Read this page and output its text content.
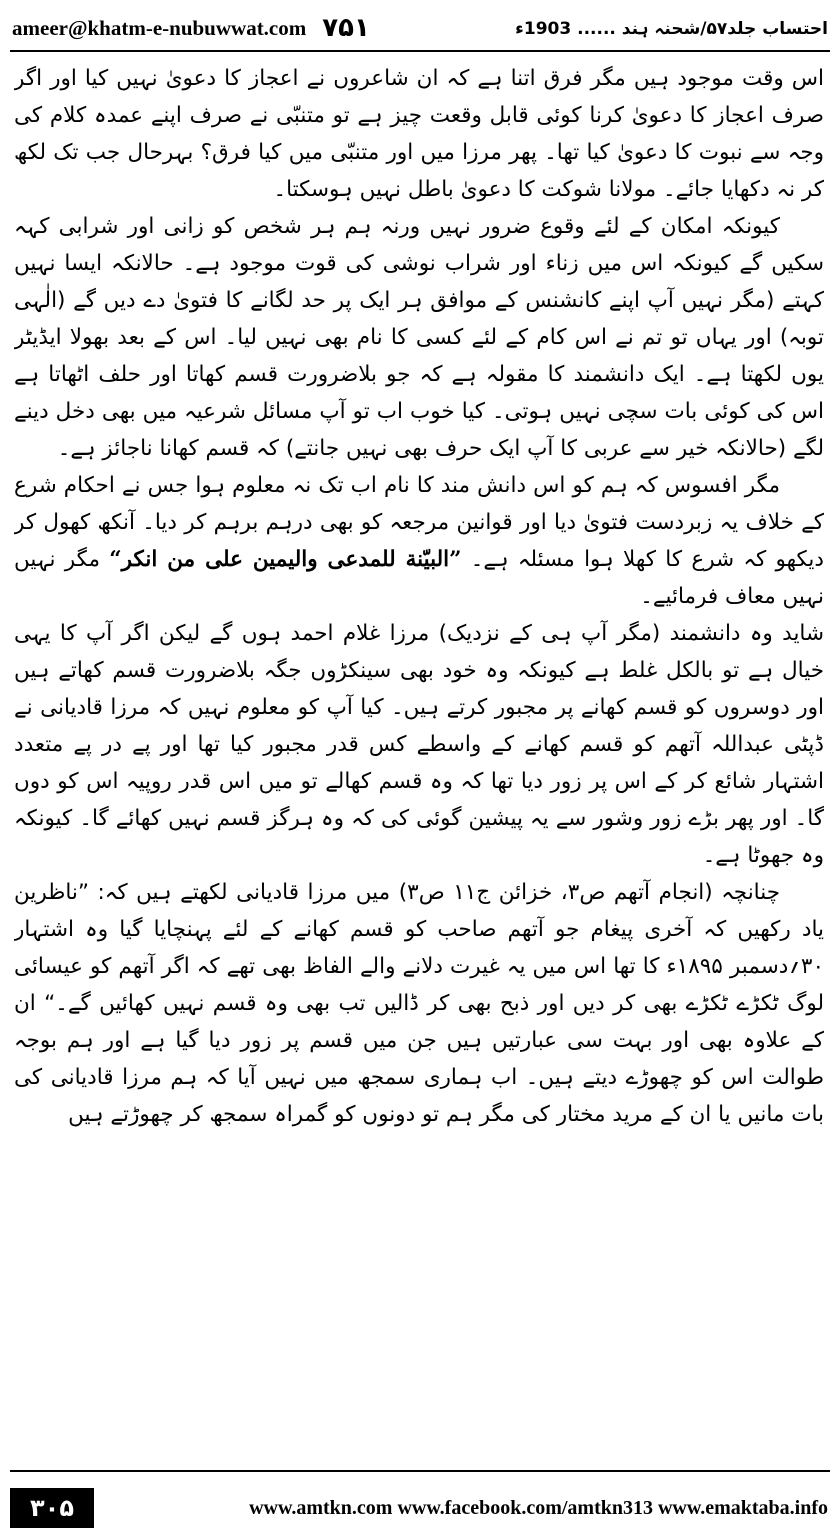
ameer@khatm-e-nubuwwat.com ۷۵۱	احتساب جلد۵۷/شحنہ ہند ...... 1903ء

اس وقت موجود ہیں مگر فرق اتنا ہے کہ ان شاعروں نے اعجاز کا دعویٰ نہیں کیا اور اگر صرف اعجاز کا دعویٰ کرنا کوئی قابل وقعت چیز ہے تو متنبّی نے صرف اپنے عمدہ کلام کی وجہ سے نبوت کا دعویٰ کیا تھا۔ پھر مرزا میں اور متنبّی میں کیا فرق؟ بہرحال جب تک لکھ کر نہ دکھایا جائے۔ مولانا شوکت کا دعویٰ باطل نہیں ہوسکتا۔

کیونکہ امکان کے لئے وقوع ضرور نہیں ورنہ ہم ہر شخص کو زانی اور شرابی کہہ سکیں گے کیونکہ اس میں زناء اور شراب نوشی کی قوت موجود ہے۔ حالانکہ ایسا نہیں کہتے (مگر نہیں آپ اپنے کانشنس کے موافق ہر ایک پر حد لگانے کا فتویٰ دے دیں گے (الٰہی توبہ) اور یہاں تو تم نے اس کام کے لئے کسی کا نام بھی نہیں لیا۔ اس کے بعد بھولا ایڈیٹر یوں لکھتا ہے۔ ایک دانشمند کا مقولہ ہے کہ جو بلاضرورت قسم کھاتا اور حلف اٹھاتا ہے اس کی کوئی بات سچی نہیں ہوتی۔ کیا خوب اب تو آپ مسائل شرعیہ میں بھی دخل دینے لگے (حالانکہ خیر سے عربی کا آپ ایک حرف بھی نہیں جانتے) کہ قسم کھانا ناجائز ہے۔

مگر افسوس کہ ہم کو اس دانش مند کا نام اب تک نہ معلوم ہوا جس نے احکام شرع کے خلاف یہ زبردست فتویٰ دیا اور قوانین مرجعہ کو بھی درہم برہم کر دیا۔ آنکھ کھول کر دیکھو کہ شرع کا کھلا ہوا مسئلہ ہے۔ ”البیّنة للمدعی والیمین علی من انکر“ مگر نہیں نہیں معاف فرمائیے۔

شاید وہ دانشمند (مگر آپ ہی کے نزدیک) مرزا غلام احمد ہوں گے لیکن اگر آپ کا یہی خیال ہے تو بالکل غلط ہے کیونکہ وہ خود بھی سینکڑوں جگہ بلاضرورت قسم کھاتے ہیں اور دوسروں کو قسم کھانے پر مجبور کرتے ہیں۔ کیا آپ کو معلوم نہیں کہ مرزا قادیانی نے ڈپٹی عبداللہ آتھم کو قسم کھانے کے واسطے کس قدر مجبور کیا تھا اور پے در پے متعدد اشتہار شائع کر کے اس پر زور دیا تھا کہ وہ قسم کھالے تو میں اس قدر روپیہ اس کو دوں گا۔ اور پھر بڑے زور وشور سے یہ پیشین گوئی کی کہ وہ ہرگز قسم نہیں کھائے گا۔ کیونکہ وہ جھوٹا ہے۔

چنانچہ (انجام آتھم ص۳، خزائن ج۱۱ ص۳) میں مرزا قادیانی لکھتے ہیں کہ: ”ناظرین یاد رکھیں کہ آخری پیغام جو آتھم صاحب کو قسم کھانے کے لئے پہنچایا گیا وہ اشتہار ۳۰؍دسمبر ۱۸۹۵ء کا تھا اس میں یہ غیرت دلانے والے الفاظ بھی تھے کہ اگر آتھم کو عیسائی لوگ ٹکڑے ٹکڑے بھی کر دیں اور ذبح بھی کر ڈالیں تب بھی وہ قسم نہیں کھائیں گے۔“ ان کے علاوہ بھی اور بہت سی عبارتیں ہیں جن میں قسم پر زور دیا گیا ہے اور ہم بوجہ طوالت اس کو چھوڑے دیتے ہیں۔ اب ہماری سمجھ میں نہیں آیا کہ ہم مرزا قادیانی کی بات مانیں یا ان کے مرید مختار کی مگر ہم تو دونوں کو گمراہ سمجھ کر چھوڑتے ہیں

۳۰۵	www.amtkn.com www.facebook.com/amtkn313 www.emaktaba.info
